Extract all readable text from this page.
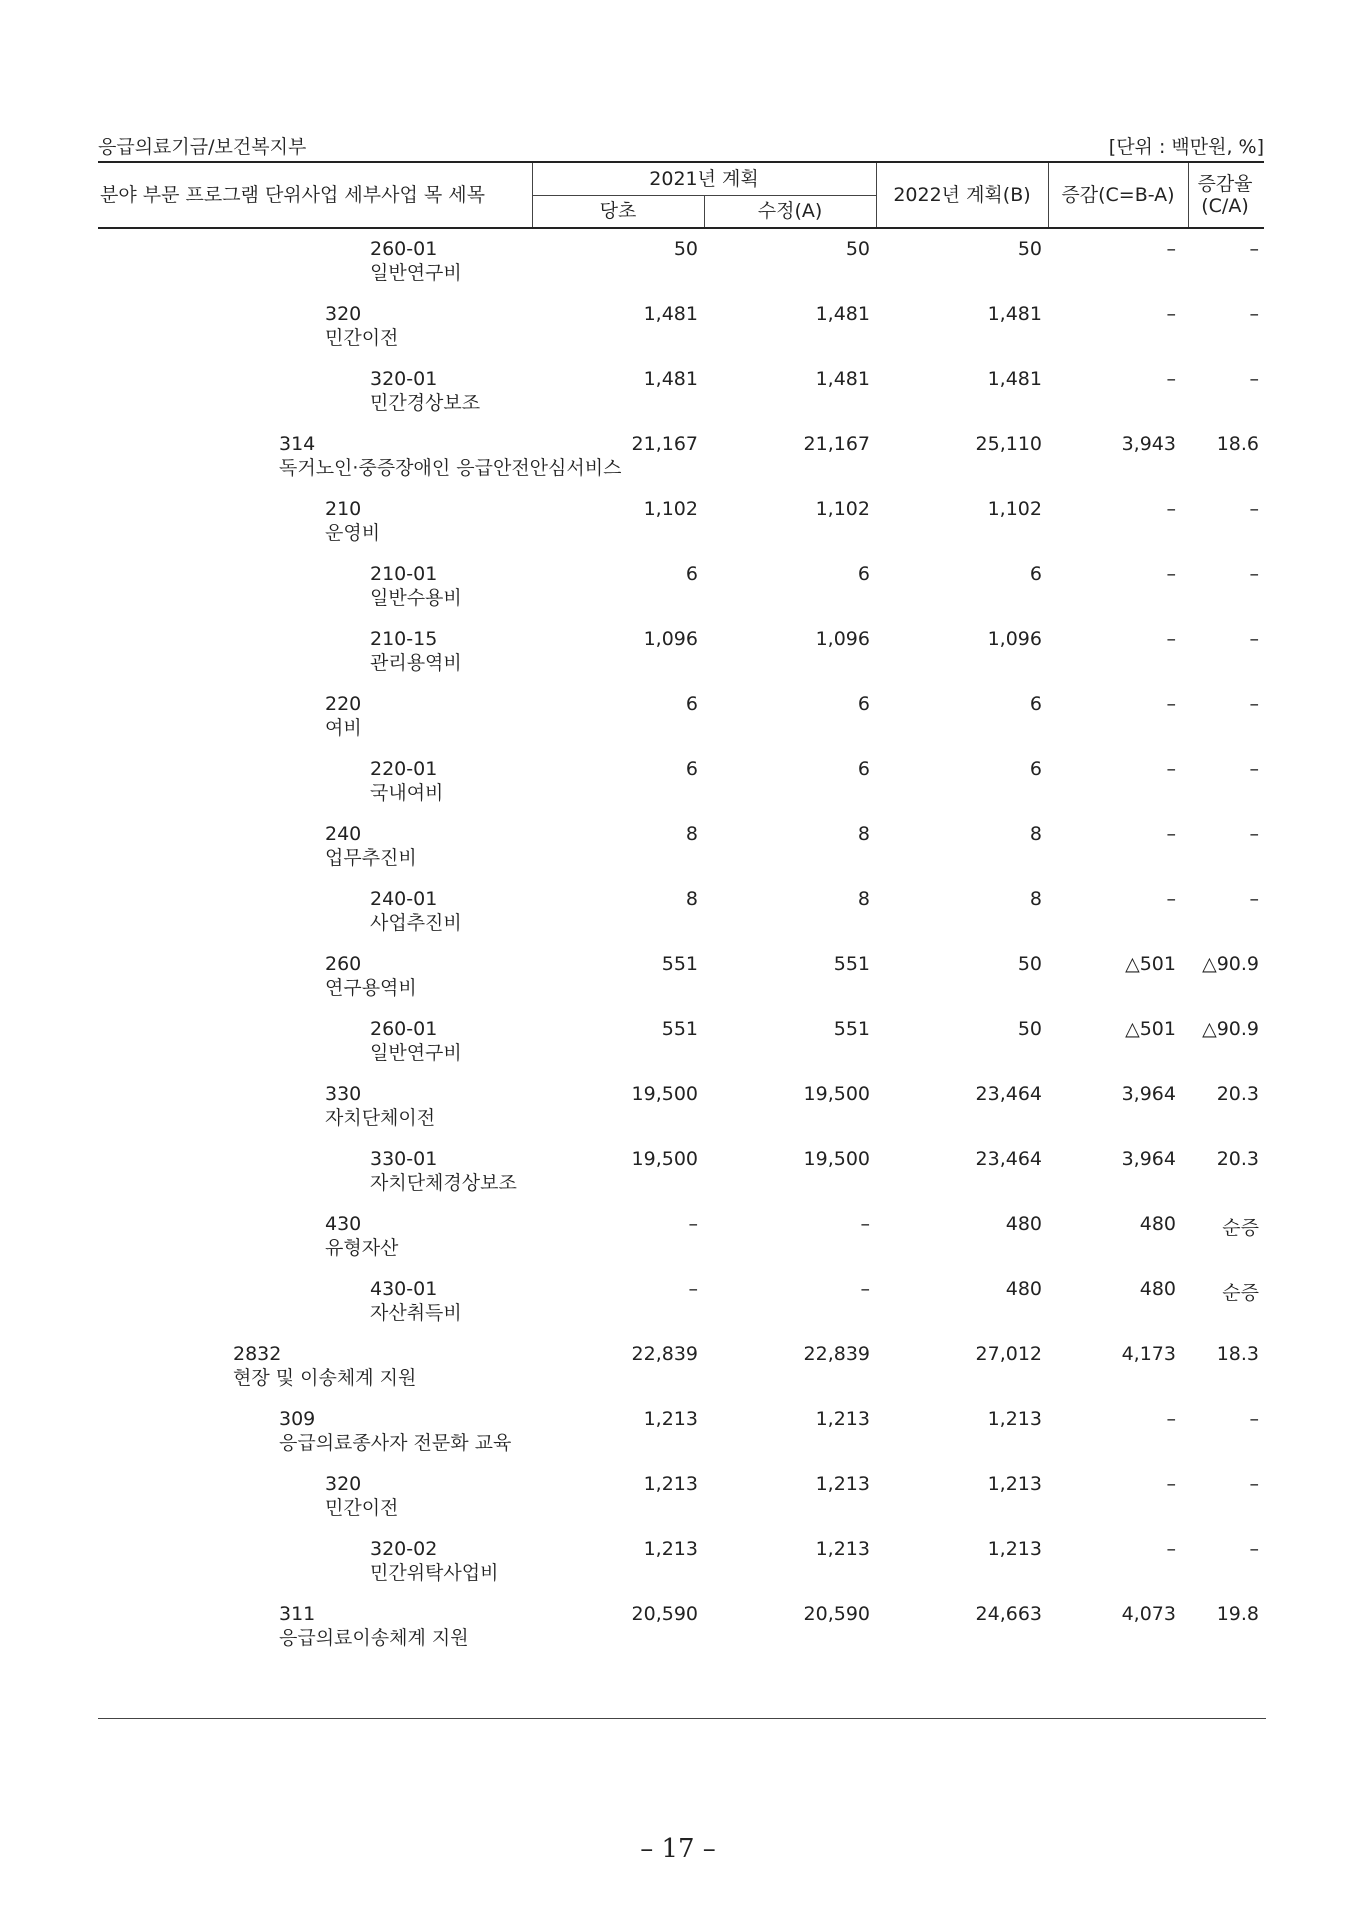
응급의료기금/보건복지부	[단위 : 백만원, %]
분야 부문 프로그램 단위사업 세부사업 목 세목
2021년 계획
당초	수정(A)
2022년 계획(B)	증감(C=B-A)	증감율 (C/A)
260-01
일반연구비
50	50	50	–	–
320
민간이전
1,481	1,481	1,481	–	–
320-01
민간경상보조
1,481	1,481	1,481	–	–
314
독거노인·중증장애인 응급안전안심서비스
21,167	21,167	25,110	3,943 18.6
210
운영비
1,102	1,102	1,102	–	–
210-01
일반수용비
6	6	6	–	–
210-15
관리용역비
1,096	1,096	1,096	–	–
220
여비
6	6	6	–	–
220-01
국내여비
6	6	6	–	–
240
업무추진비
8	8	8	–	–
240-01
사업추진비
8	8	8	–	–
260
연구용역비
551	551	50	△501 △90.9
260-01
일반연구비
551	551	50	△501 △90.9
330
자치단체이전
19,500	19,500	23,464	3,964 20.3
330-01
자치단체경상보조
19,500	19,500	23,464	3,964 20.3
430
유형자산
–	–	480	480 순증
430-01
자산취득비
–	–	480	480 순증
2832
현장 및 이송체계 지원
22,839	22,839	27,012	4,173 18.3
309
응급의료종사자 전문화 교육
1,213	1,213	1,213	–	–
320
민간이전
1,213	1,213	1,213	–	–
320-02
민간위탁사업비
1,213	1,213	1,213	–	–
311
응급의료이송체계 지원
20,590	20,590	24,663	4,073 19.8
– 17 –
